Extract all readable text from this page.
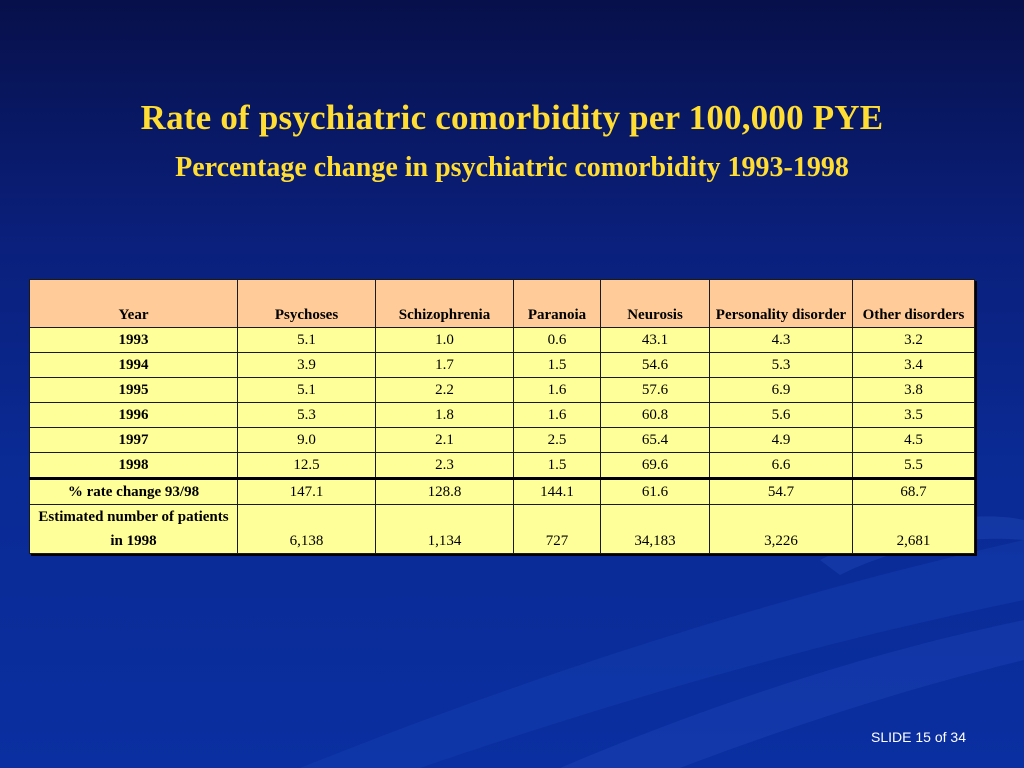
Rate of psychiatric comorbidity per 100,000 PYE
Percentage change in psychiatric comorbidity 1993-1998
Year	Psychoses	Schizophrenia	Paranoia	Neurosis	Personality disorder	Other disorders
1993	5.1	1.0	0.6	43.1	4.3	3.2
1994	3.9	1.7	1.5	54.6	5.3	3.4
1995	5.1	2.2	1.6	57.6	6.9	3.8
1996	5.3	1.8	1.6	60.8	5.6	3.5
1997	9.0	2.1	2.5	65.4	4.9	4.5
1998	12.5	2.3	1.5	69.6	6.6	5.5
% rate change 93/98	147.1	128.8	144.1	61.6	54.7	68.7
Estimated number of patients in 1998	6,138	1,134	727	34,183	3,226	2,681
SLIDE 15 of 34
